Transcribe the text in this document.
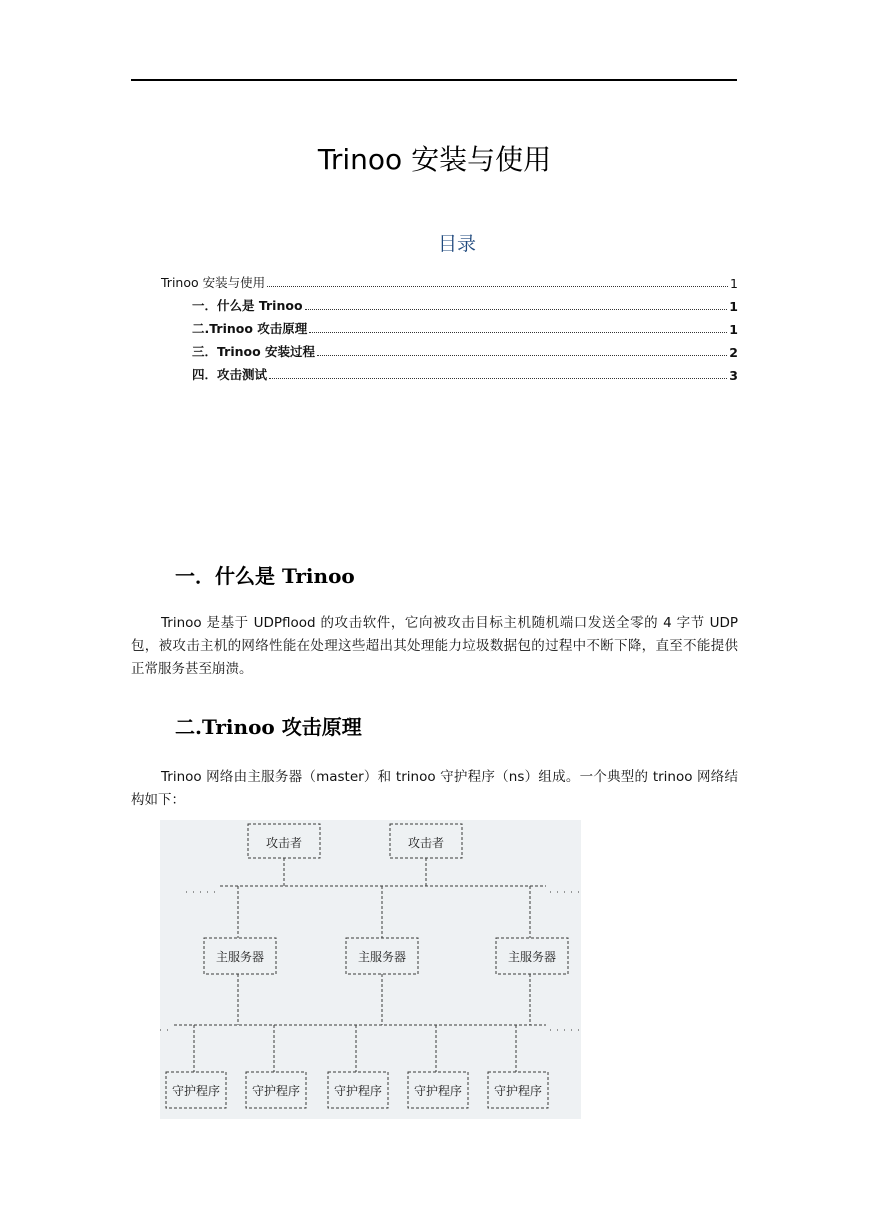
Trinoo 安装与使用
目录
Trinoo 安装与使用	1
一．什么是 Trinoo	1
二.Trinoo 攻击原理	1
三．Trinoo 安装过程	2
四．攻击测试	3
一．什么是 Trinoo
Trinoo 是基于 UDPflood 的攻击软件，它向被攻击目标主机随机端口发送全零的 4 字节 UDP 包，被攻击主机的网络性能在处理这些超出其处理能力垃圾数据包的过程中不断下降，直至不能提供正常服务甚至崩溃。
二.Trinoo 攻击原理
Trinoo 网络由主服务器（master）和 trinoo 守护程序（ns）组成。一个典型的 trinoo 网络结构如下：
攻击者	攻击者
主服务器	主服务器	主服务器
守护程序	守护程序	守护程序	守护程序	守护程序
